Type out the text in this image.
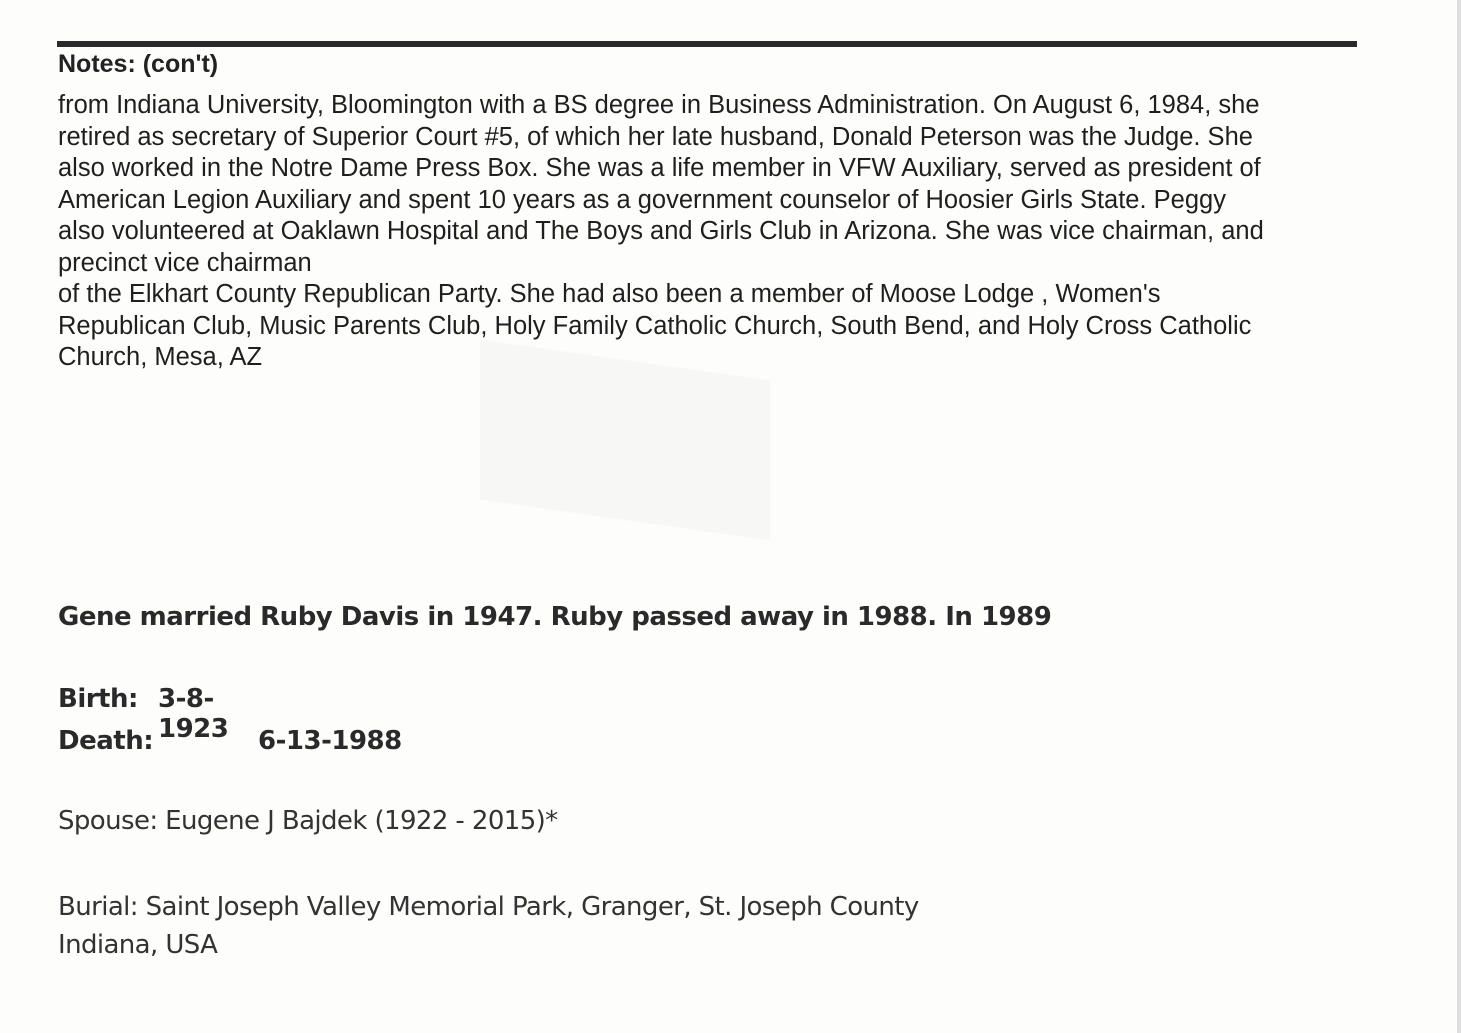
Notes: (con't)

from Indiana University, Bloomington with a BS degree in Business Administration. On August 6, 1984, she

retired as secretary of Superior Court #5, of which her late husband, Donald Peterson was the Judge. She

also worked in the Notre Dame Press Box. She was a life member in VFW Auxiliary, served as president of

American Legion Auxiliary and spent 10 years as a government counselor of Hoosier Girls State. Peggy

also volunteered at Oaklawn Hospital and The Boys and Girls Club in Arizona. She was vice chairman, and

precinct vice chairman

of the Elkhart County Republican Party. She had also been a member of Moose Lodge , Women's

Republican Club, Music Parents Club, Holy Family Catholic Church, South Bend, and Holy Cross Catholic

Church, Mesa, AZ

Gene married Ruby Davis in 1947. Ruby passed away in 1988. In 1989
Birth: 3-8-1923
Death:	6-13-1988
Spouse: Eugene J Bajdek (1922 - 2015)*

Burial: Saint Joseph Valley Memorial Park, Granger, St. Joseph County

Indiana, USA
